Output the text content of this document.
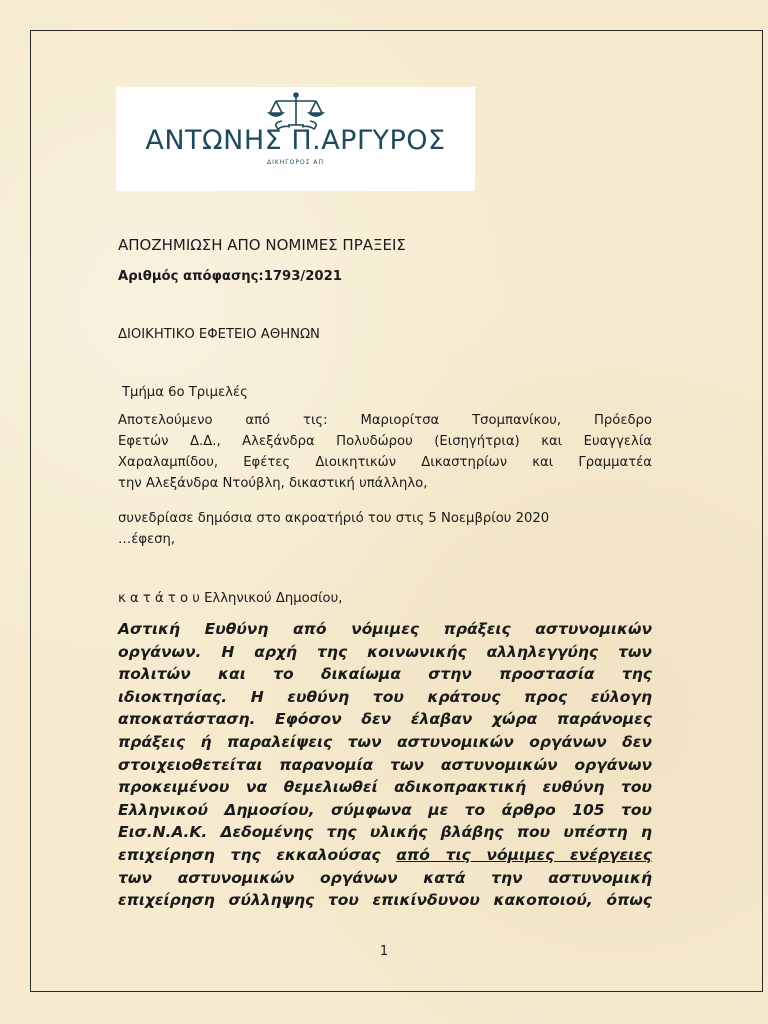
ΑΝΤΩΝΗΣ Π.ΑΡΓΥΡΟΣ
ΔΙΚΗΓΟΡΟΣ ΑΠ

ΑΠΟΖΗΜΙΩΣΗ ΑΠΟ ΝΟΜΙΜΕΣ ΠΡΑΞΕΙΣ

Αριθμός απόφασης:1793/2021

ΔΙΟΙΚΗΤΙΚΟ ΕΦΕΤΕΙΟ ΑΘΗΝΩΝ

Τμήμα 6ο Τριμελές

Αποτελούμενο από τις: Μαριορίτσα Τσομπανίκου, Πρόεδρο
Εφετών Δ.Δ., Αλεξάνδρα Πολυδώρου (Εισηγήτρια) και Ευαγγελία
Χαραλαμπίδου, Εφέτες Διοικητικών Δικαστηρίων και Γραμματέα
την Αλεξάνδρα Ντούβλη, δικαστική υπάλληλο,
συνεδρίασε δημόσια στο ακροατήριό του στις 5 Νοεμβρίου 2020
…έφεση,

κ α τ ά τ ο υ Ελληνικού Δημοσίου,

Αστική Ευθύνη από νόμιμες πράξεις αστυνομικών
οργάνων. Η αρχή της κοινωνικής αλληλεγγύης των
πολιτών και το δικαίωμα στην προστασία της
ιδιοκτησίας. Η ευθύνη του κράτους προς εύλογη
αποκατάσταση. Εφόσον δεν έλαβαν χώρα παράνομες
πράξεις ή παραλείψεις των αστυνομικών οργάνων δεν
στοιχειοθετείται παρανομία των αστυνομικών οργάνων
προκειμένου να θεμελιωθεί αδικοπρακτική ευθύνη του
Ελληνικού Δημοσίου, σύμφωνα με το άρθρο 105 του
Εισ.Ν.Α.Κ. Δεδομένης της υλικής βλάβης που υπέστη η
επιχείρηση της εκκαλούσας από τις νόμιμες ενέργειες
των αστυνομικών οργάνων κατά την αστυνομική
επιχείρηση σύλληψης του επικίνδυνου κακοποιού, όπως
1
